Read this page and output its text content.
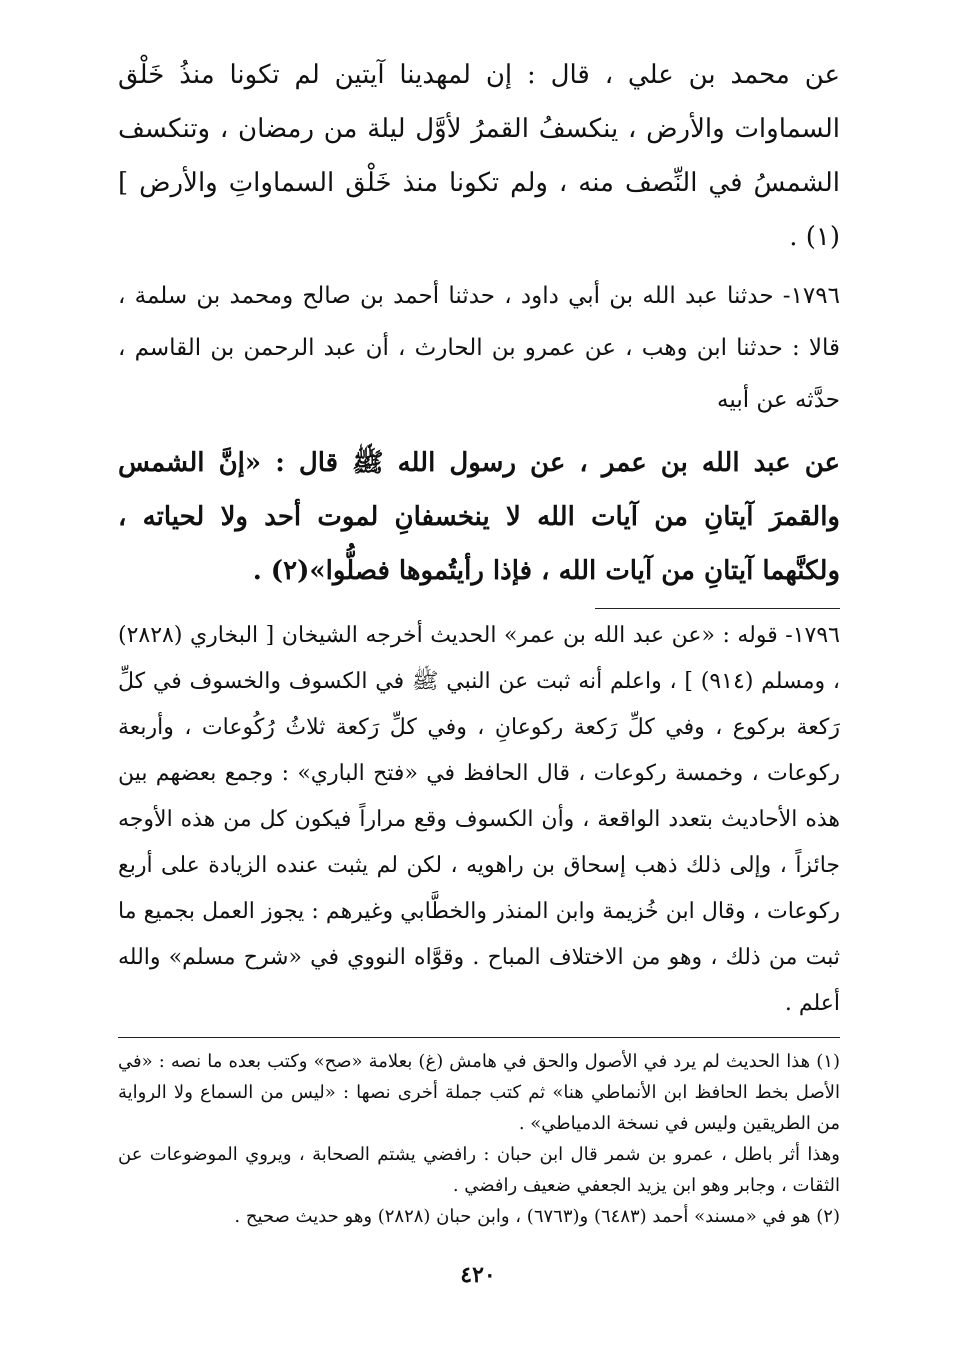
عن محمد بن علي ، قال : إن لمهدينا آيتين لم تكونا منذُ خَلْق السماوات والأرض ، ينكسفُ القمرُ لأوَّل ليلة من رمضان ، وتنكسف الشمسُ في النِّصف منه ، ولم تكونا منذ خَلْق السماواتِ والأرض ](١) .

١٧٩٦- حدثنا عبد الله بن أبي داود ، حدثنا أحمد بن صالح ومحمد بن سلمة ، قالا : حدثنا ابن وهب ، عن عمرو بن الحارث ، أن عبد الرحمن بن القاسم ، حدَّثه عن أبيه

عن عبد الله بن عمر ، عن رسول الله ﷺ قال : «إنَّ الشمس والقمرَ آيتانِ من آيات الله لا ينخسفانِ لموت أحد ولا لحياته ، ولكنَّهما آيتانِ من آيات الله ، فإذا رأيتُموها فصلُّوا»(٢) .

١٧٩٦- قوله : «عن عبد الله بن عمر» الحديث أخرجه الشيخان [ البخاري (٢٨٢٨) ، ومسلم (٩١٤) ] ، واعلم أنه ثبت عن النبي ﷺ في الكسوف والخسوف في كلِّ رَكعة بركوع ، وفي كلِّ رَكعة ركوعانِ ، وفي كلِّ رَكعة ثلاثُ رُكُوعات ، وأربعة ركوعات ، وخمسة ركوعات ، قال الحافظ في «فتح الباري» : وجمع بعضهم بين هذه الأحاديث بتعدد الواقعة ، وأن الكسوف وقع مراراً فيكون كل من هذه الأوجه جائزاً ، وإلى ذلك ذهب إسحاق بن راهويه ، لكن لم يثبت عنده الزيادة على أربع ركوعات ، وقال ابن خُزيمة وابن المنذر والخطَّابي وغيرهم : يجوز العمل بجميع ما ثبت من ذلك ، وهو من الاختلاف المباح . وقوَّاه النووي في «شرح مسلم» والله أعلم .

(١) هذا الحديث لم يرد في الأصول والحق في هامش (غ) بعلامة «صح» وكتب بعده ما نصه : «في الأصل بخط الحافظ ابن الأنماطي هنا» ثم كتب جملة أخرى نصها : «ليس من السماع ولا الرواية من الطريقين وليس في نسخة الدمياطي» .

وهذا أثر باطل ، عمرو بن شمر قال ابن حبان : رافضي يشتم الصحابة ، ويروي الموضوعات عن الثقات ، وجابر وهو ابن يزيد الجعفي ضعيف رافضي .

(٢) هو في «مسند» أحمد (٦٤٨٣) و(٦٧٦٣) ، وابن حبان (٢٨٢٨) وهو حديث صحيح .

٤٢٠
